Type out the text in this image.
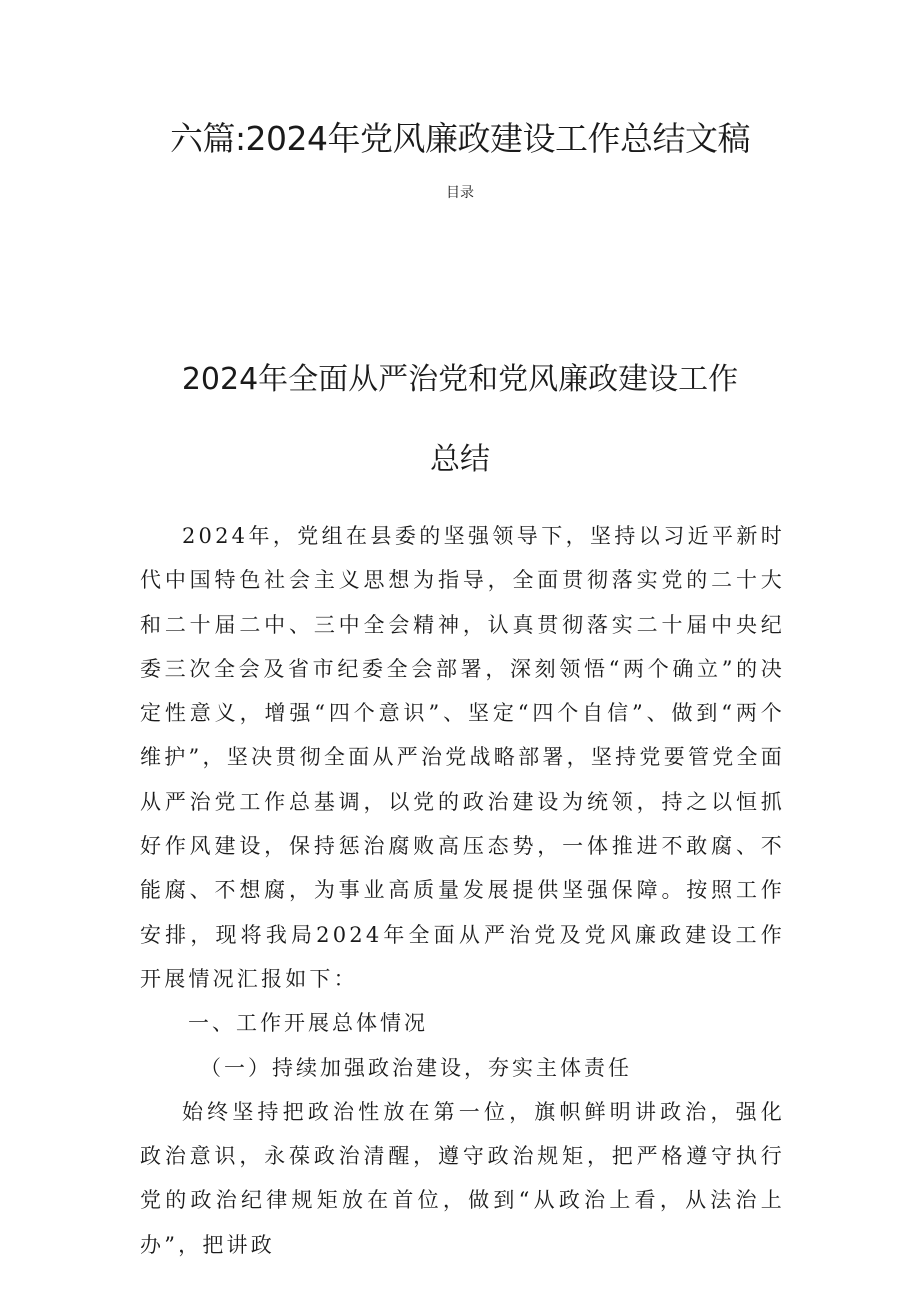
六篇:2024年党风廉政建设工作总结文稿
目录
2024年全面从严治党和党风廉政建设工作
总结

2024年，党组在县委的坚强领导下，坚持以习近平新时代中国特色社会主义思想为指导，全面贯彻落实党的二十大和二十届二中、三中全会精神，认真贯彻落实二十届中央纪委三次全会及省市纪委全会部署，深刻领悟“两个确立”的决定性意义，增强“四个意识”、坚定“四个自信”、做到“两个维护”，坚决贯彻全面从严治党战略部署，坚持党要管党全面从严治党工作总基调，以党的政治建设为统领，持之以恒抓好作风建设，保持惩治腐败高压态势，一体推进不敢腐、不能腐、不想腐，为事业高质量发展提供坚强保障。按照工作安排，现将我局2024年全面从严治党及党风廉政建设工作开展情况汇报如下：

一、工作开展总体情况

（一）持续加强政治建设，夯实主体责任

始终坚持把政治性放在第一位，旗帜鲜明讲政治，强化政治意识，永葆政治清醒，遵守政治规矩，把严格遵守执行党的政治纪律规矩放在首位，做到“从政治上看，从法治上办”，把讲政
